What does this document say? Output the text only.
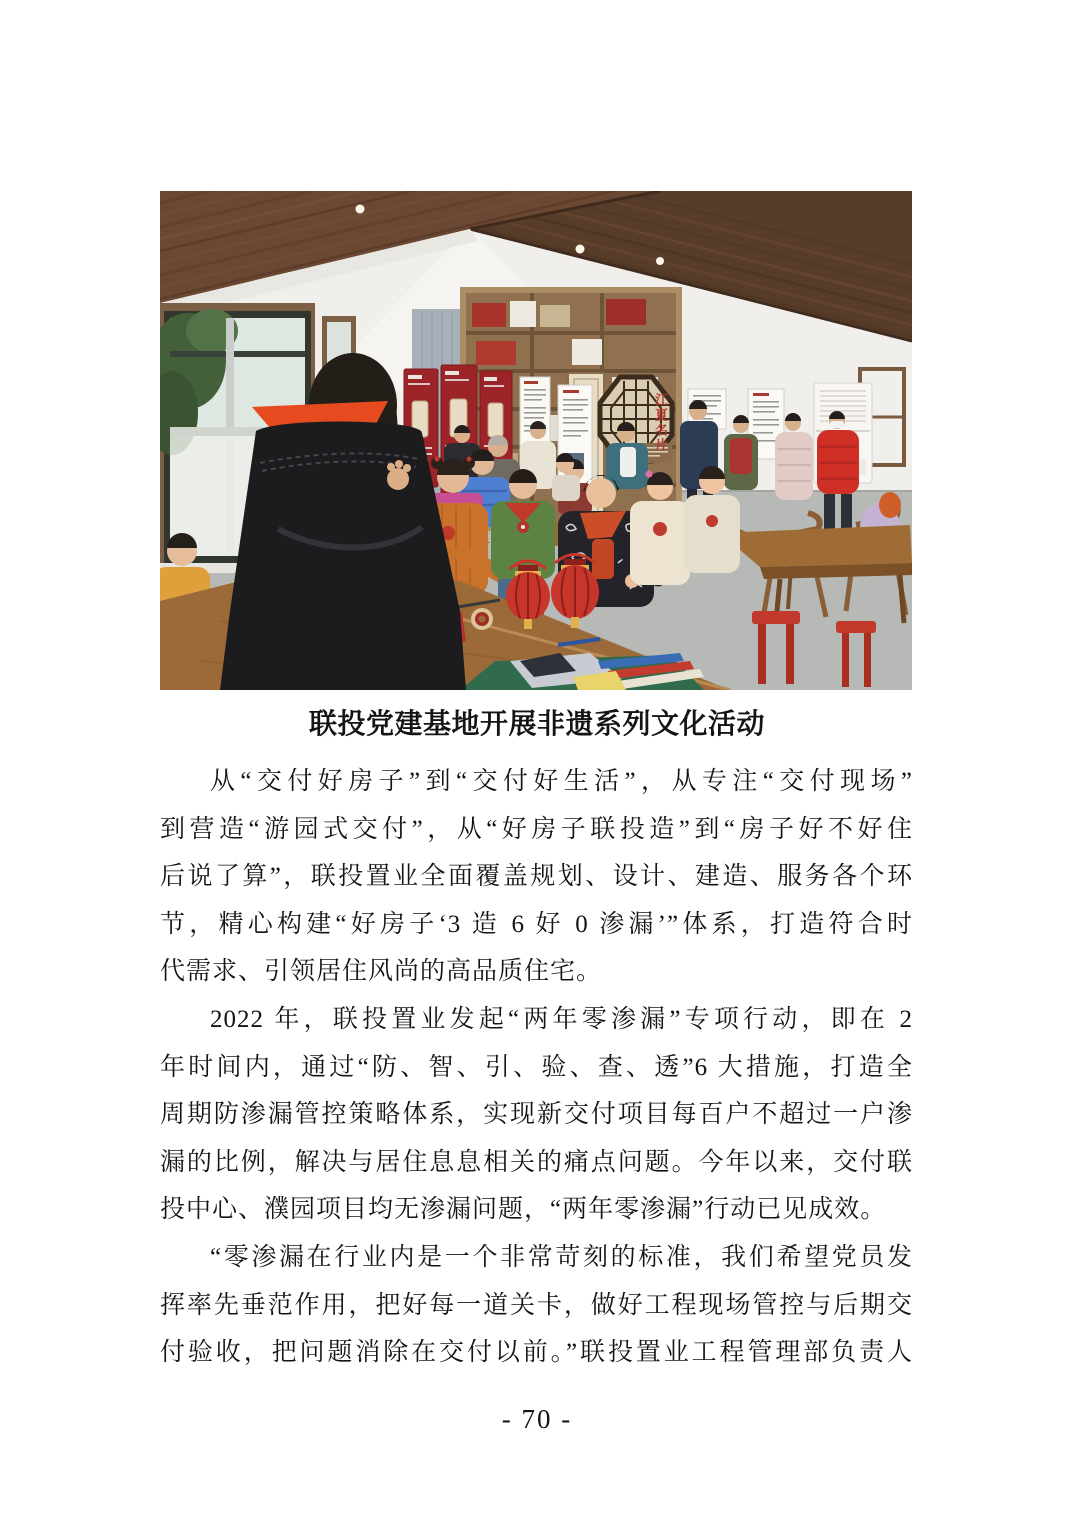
江夏名片
联投党建基地开展非遗系列文化活动
从“交付好房子”到“交付好生活”，从专注“交付现场”
到营造“游园式交付”，从“好房子联投造”到“房子好不好住
后说了算”，联投置业全面覆盖规划、设计、建造、服务各个环
节，精心构建“好房子‘3 造 6 好 0 渗漏’”体系，打造符合时
代需求、引领居住风尚的高品质住宅。
2022 年，联投置业发起“两年零渗漏”专项行动，即在 2
年时间内，通过“防、智、引、验、查、透”6 大措施，打造全
周期防渗漏管控策略体系，实现新交付项目每百户不超过一户渗
漏的比例，解决与居住息息相关的痛点问题。今年以来，交付联
投中心、濮园项目均无渗漏问题，“两年零渗漏”行动已见成效。
“零渗漏在行业内是一个非常苛刻的标准，我们希望党员发
挥率先垂范作用，把好每一道关卡，做好工程现场管控与后期交
付验收，把问题消除在交付以前。”联投置业工程管理部负责人
- 70 -
